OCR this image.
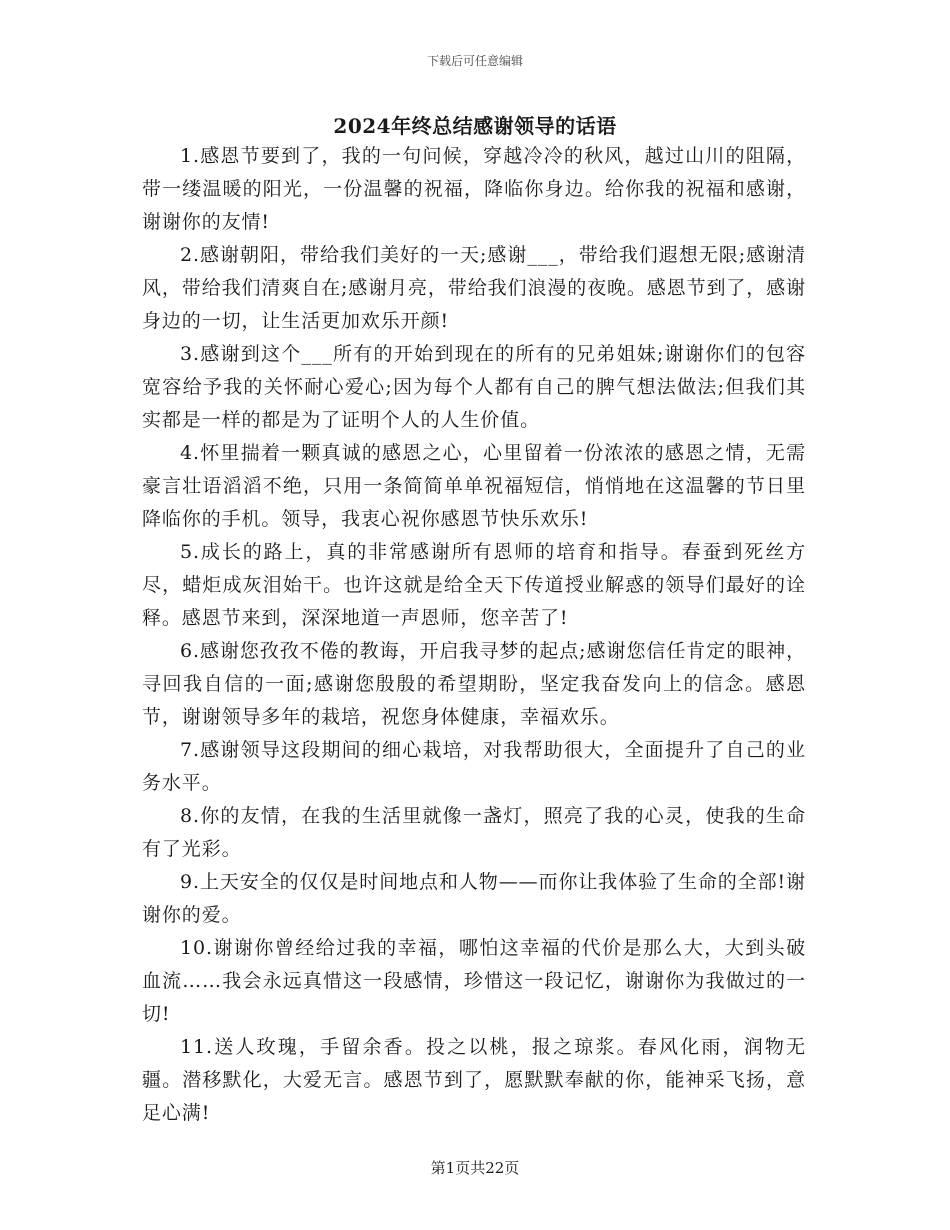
下载后可任意编辑
2024年终总结感谢领导的话语

1.感恩节要到了，我的一句问候，穿越冷冷的秋风，越过山川的阻隔，带一缕温暖的阳光，一份温馨的祝福，降临你身边。给你我的祝福和感谢，谢谢你的友情!

2.感谢朝阳，带给我们美好的一天;感谢___，带给我们遐想无限;感谢清风，带给我们清爽自在;感谢月亮，带给我们浪漫的夜晚。感恩节到了，感谢身边的一切，让生活更加欢乐开颜!

3.感谢到这个___所有的开始到现在的所有的兄弟姐妹;谢谢你们的包容宽容给予我的关怀耐心爱心;因为每个人都有自己的脾气想法做法;但我们其实都是一样的都是为了证明个人的人生价值。

4.怀里揣着一颗真诚的感恩之心，心里留着一份浓浓的感恩之情，无需豪言壮语滔滔不绝，只用一条简简单单祝福短信，悄悄地在这温馨的节日里降临你的手机。领导，我衷心祝你感恩节快乐欢乐!

5.成长的路上，真的非常感谢所有恩师的培育和指导。春蚕到死丝方尽，蜡炬成灰泪始干。也许这就是给全天下传道授业解惑的领导们最好的诠释。感恩节来到，深深地道一声恩师，您辛苦了!

6.感谢您孜孜不倦的教诲，开启我寻梦的起点;感谢您信任肯定的眼神，寻回我自信的一面;感谢您殷殷的希望期盼，坚定我奋发向上的信念。感恩节，谢谢领导多年的栽培，祝您身体健康，幸福欢乐。

7.感谢领导这段期间的细心栽培，对我帮助很大，全面提升了自己的业务水平。

8.你的友情，在我的生活里就像一盏灯，照亮了我的心灵，使我的生命有了光彩。

9.上天安全的仅仅是时间地点和人物——而你让我体验了生命的全部!谢谢你的爱。

10.谢谢你曾经给过我的幸福，哪怕这幸福的代价是那么大，大到头破血流……我会永远真惜这一段感情，珍惜这一段记忆，谢谢你为我做过的一切!

11.送人玫瑰，手留余香。投之以桃，报之琼浆。春风化雨，润物无疆。潜移默化，大爱无言。感恩节到了，愿默默奉献的你，能神采飞扬，意足心满!

第1页共22页
